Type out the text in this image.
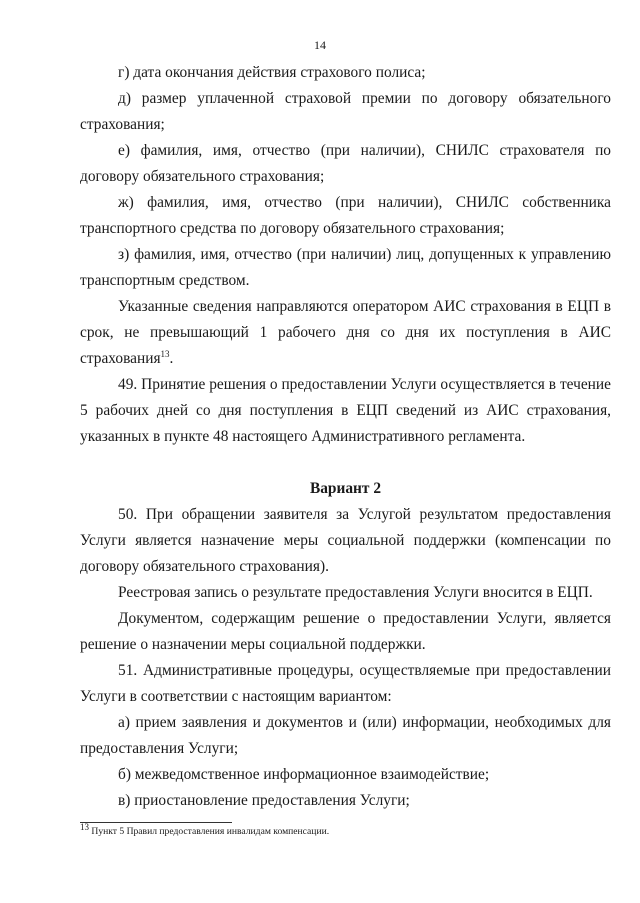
14

г) дата окончания действия страхового полиса;

д) размер уплаченной страховой премии по договору обязательного страхования;

е) фамилия, имя, отчество (при наличии), СНИЛС страхователя по договору обязательного страхования;

ж) фамилия, имя, отчество (при наличии), СНИЛС собственника транспортного средства по договору обязательного страхования;

з) фамилия, имя, отчество (при наличии) лиц, допущенных к управлению транспортным средством.

Указанные сведения направляются оператором АИС страхования в ЕЦП в срок, не превышающий 1 рабочего дня со дня их поступления в АИС страхования$^{13}$.

49. Принятие решения о предоставлении Услуги осуществляется в течение 5 рабочих дней со дня поступления в ЕЦП сведений из АИС страхования, указанных в пункте 48 настоящего Административного регламента.

Вариант 2

50. При обращении заявителя за Услугой результатом предоставления Услуги является назначение меры социальной поддержки (компенсации по договору обязательного страхования).

Реестровая запись о результате предоставления Услуги вносится в ЕЦП.

Документом, содержащим решение о предоставлении Услуги, является решение о назначении меры социальной поддержки.

51. Административные процедуры, осуществляемые при предоставлении Услуги в соответствии с настоящим вариантом:

а) прием заявления и документов и (или) информации, необходимых для предоставления Услуги;

б) межведомственное информационное взаимодействие;

в) приостановление предоставления Услуги;

$^{13}$ Пункт 5 Правил предоставления инвалидам компенсации.
